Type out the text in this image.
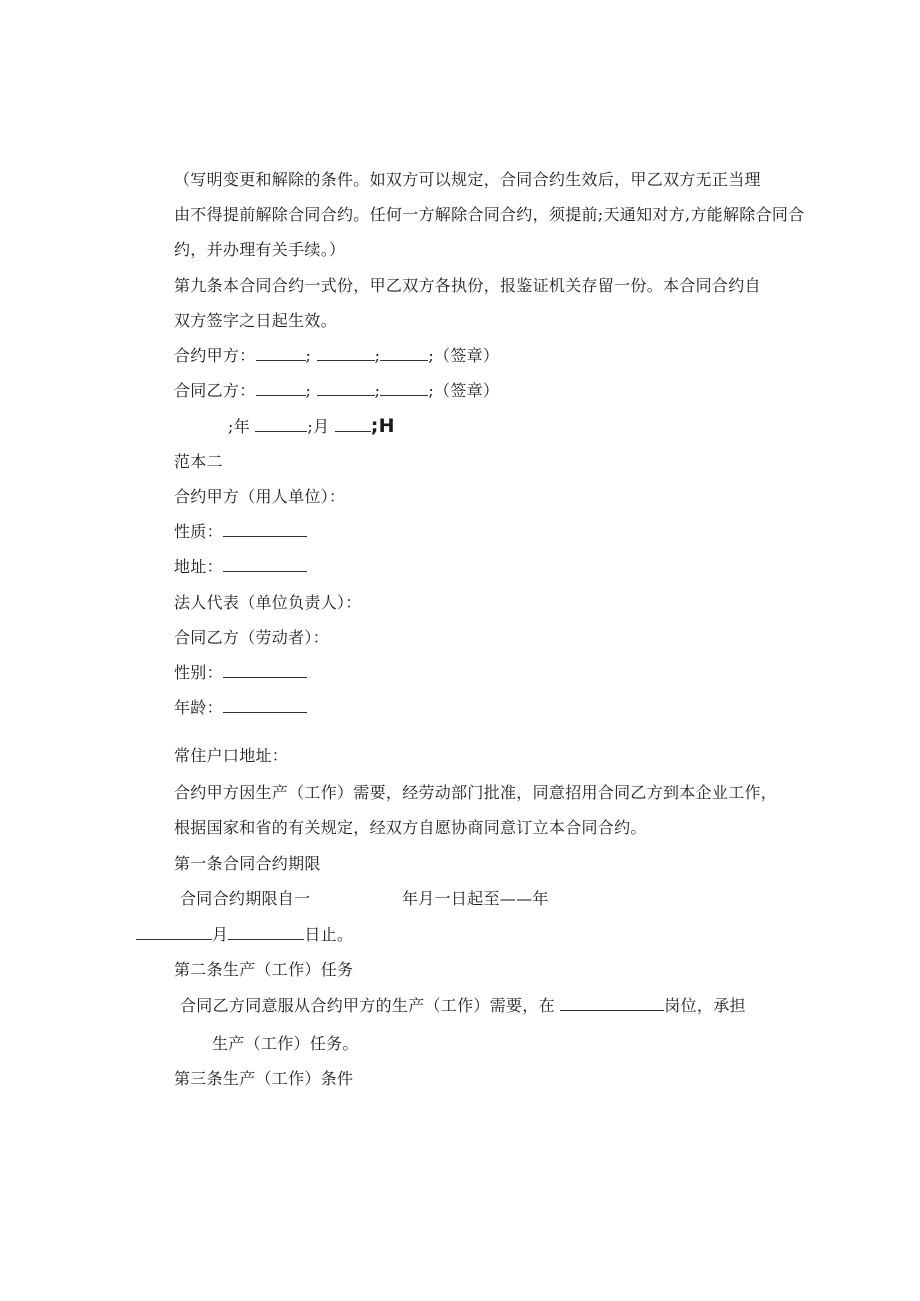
（写明变更和解除的条件。如双方可以规定，合同合约生效后，甲乙双方无正当理
由不得提前解除合同合约。任何一方解除合同合约，须提前;天通知对方,方能解除合同合
约，并办理有关手续。）
第九条本合同合约一式份，甲乙双方各执份，报鉴证机关存留一份。本合同合约自
双方签字之日起生效。
合约甲方：	;	;	;（签章）
合同乙方：	;	;	;（签章）
;年	;月 ;H
范本二
合约甲方（用人单位）：
性质：
地址：
法人代表（单位负责人）：
合同乙方（劳动者）：
性别：
年龄：
常住户口地址：
合约甲方因生产（工作）需要，经劳动部门批准，同意招用合同乙方到本企业工作，
根据国家和省的有关规定，经双方自愿协商同意订立本合同合约。
第一条合同合约期限
合同合约期限自一	年月一日起至——年
月	日止。
第二条生产（工作）任务
合同乙方同意服从合约甲方的生产（工作）需要，在	岗位，承担
生产（工作）任务。
第三条生产（工作）条件
